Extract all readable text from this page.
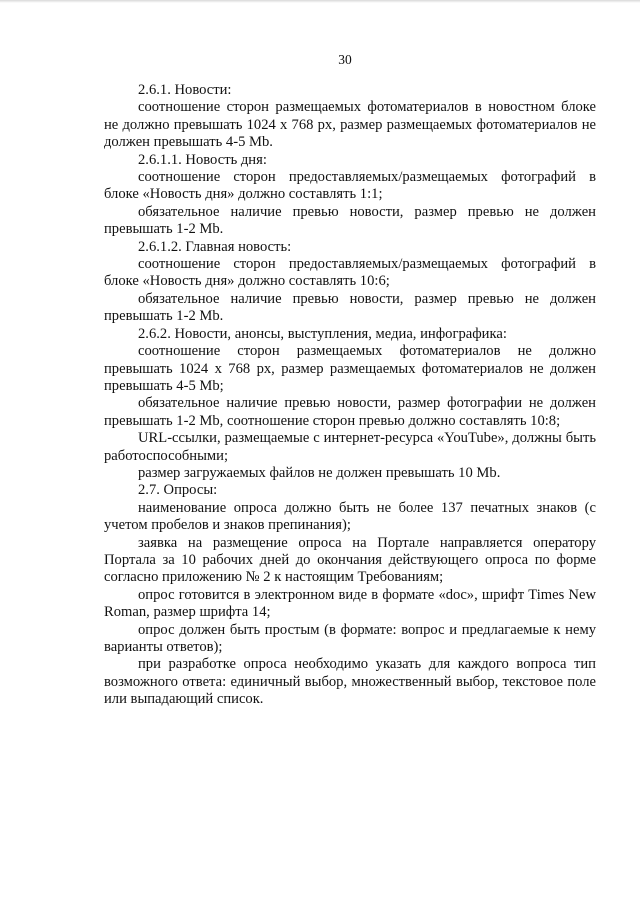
30

2.6.1. Новости:

соотношение сторон размещаемых фотоматериалов в новостном блоке не должно превышать 1024 x 768 px, размер размещаемых фотоматериалов не должен превышать 4-5 Mb.

2.6.1.1. Новость дня:

соотношение сторон предоставляемых/размещаемых фотографий в блоке «Новость дня» должно составлять 1:1;

обязательное наличие превью новости, размер превью не должен превышать 1-2 Mb.

2.6.1.2. Главная новость:

соотношение сторон предоставляемых/размещаемых фотографий в блоке «Новость дня» должно составлять 10:6;

обязательное наличие превью новости, размер превью не должен превышать 1-2 Mb.

2.6.2. Новости, анонсы, выступления, медиа, инфографика:

соотношение сторон размещаемых фотоматериалов не должно превышать 1024 x 768 px, размер размещаемых фотоматериалов не должен превышать 4-5 Mb;

обязательное наличие превью новости, размер фотографии не должен превышать 1-2 Mb, соотношение сторон превью должно составлять 10:8;

URL-ссылки, размещаемые с интернет-ресурса «YouTube», должны быть работоспособными;

размер загружаемых файлов не должен превышать 10 Mb.

2.7. Опросы:

наименование опроса должно быть не более 137 печатных знаков (с учетом пробелов и знаков препинания);

заявка на размещение опроса на Портале направляется оператору Портала за 10 рабочих дней до окончания действующего опроса по форме согласно приложению № 2 к настоящим Требованиям;

опрос готовится в электронном виде в формате «doc», шрифт Times New Roman, размер шрифта 14;

опрос должен быть простым (в формате: вопрос и предлагаемые к нему варианты ответов);

при разработке опроса необходимо указать для каждого вопроса тип возможного ответа: единичный выбор, множественный выбор, текстовое поле или выпадающий список.
